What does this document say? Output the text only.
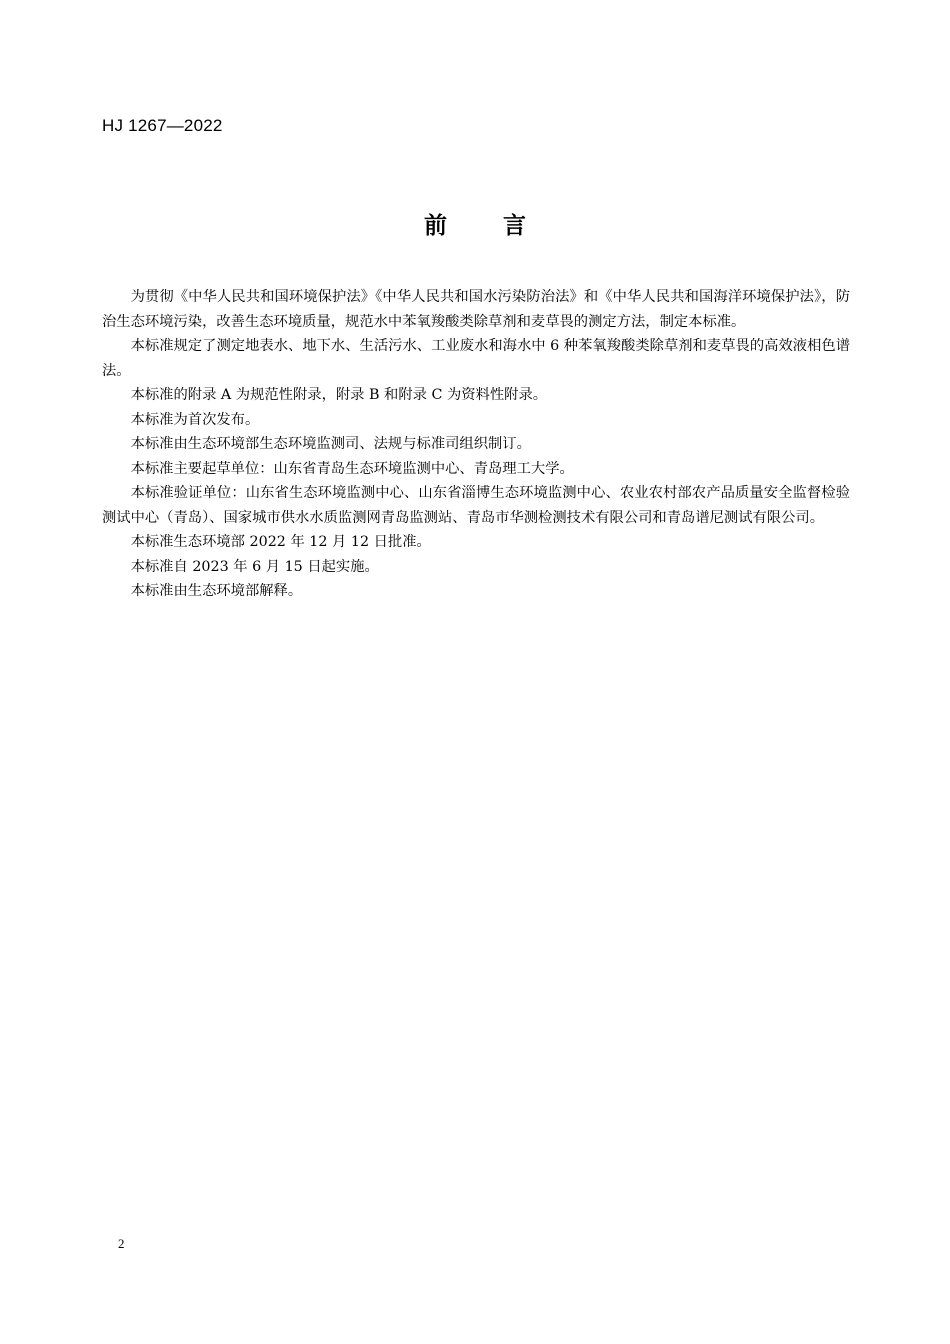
HJ 1267—2022
前 言

为贯彻《中华人民共和国环境保护法》《中华人民共和国水污染防治法》和《中华人民共和国海洋环境保护法》，防治生态环境污染，改善生态环境质量，规范水中苯氧羧酸类除草剂和麦草畏的测定方法，制定本标准。

本标准规定了测定地表水、地下水、生活污水、工业废水和海水中 6 种苯氧羧酸类除草剂和麦草畏的高效液相色谱法。

本标准的附录 A 为规范性附录，附录 B 和附录 C 为资料性附录。

本标准为首次发布。

本标准由生态环境部生态环境监测司、法规与标准司组织制订。

本标准主要起草单位：山东省青岛生态环境监测中心、青岛理工大学。

本标准验证单位：山东省生态环境监测中心、山东省淄博生态环境监测中心、农业农村部农产品质量安全监督检验测试中心（青岛）、国家城市供水水质监测网青岛监测站、青岛市华测检测技术有限公司和青岛谱尼测试有限公司。

本标准生态环境部 2022 年 12 月 12 日批准。

本标准自 2023 年 6 月 15 日起实施。

本标准由生态环境部解释。

2
